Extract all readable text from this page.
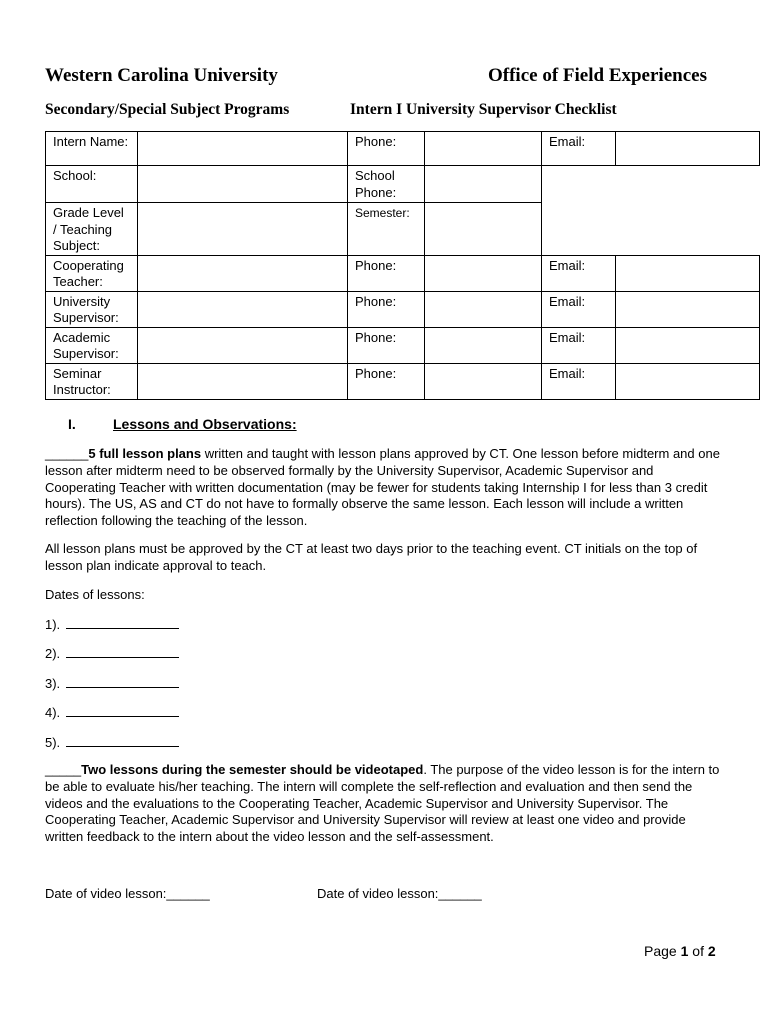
Western Carolina University	Office of Field Experiences
Secondary/Special Subject Programs	Intern I University Supervisor Checklist
Intern Name:		Phone:		Email:	
School:		School Phone:			
Grade Level / Teaching Subject:		Semester:			
Cooperating Teacher:		Phone:		Email:	
University Supervisor:		Phone:		Email:	
Academic Supervisor:		Phone:		Email:	
Seminar Instructor:		Phone:		Email:	
I.	Lessons and Observations:
______5 full lesson plans written and taught with lesson plans approved by CT. One lesson before midterm and one lesson after midterm need to be observed formally by the University Supervisor, Academic Supervisor and Cooperating Teacher with written documentation (may be fewer for students taking Internship I for less than 3 credit hours). The US, AS and CT do not have to formally observe the same lesson. Each lesson will include a written reflection following the teaching of the lesson.
All lesson plans must be approved by the CT at least two days prior to the teaching event. CT initials on the top of lesson plan indicate approval to teach.
Dates of lessons:
1).
2).
3).
4).
5).
_____Two lessons during the semester should be videotaped. The purpose of the video lesson is for the intern to be able to evaluate his/her teaching. The intern will complete the self-reflection and evaluation and then send the videos and the evaluations to the Cooperating Teacher, Academic Supervisor and University Supervisor. The Cooperating Teacher, Academic Supervisor and University Supervisor will review at least one video and provide written feedback to the intern about the video lesson and the self-assessment.
Date of video lesson:______	Date of video lesson:______
Page 1 of 2
